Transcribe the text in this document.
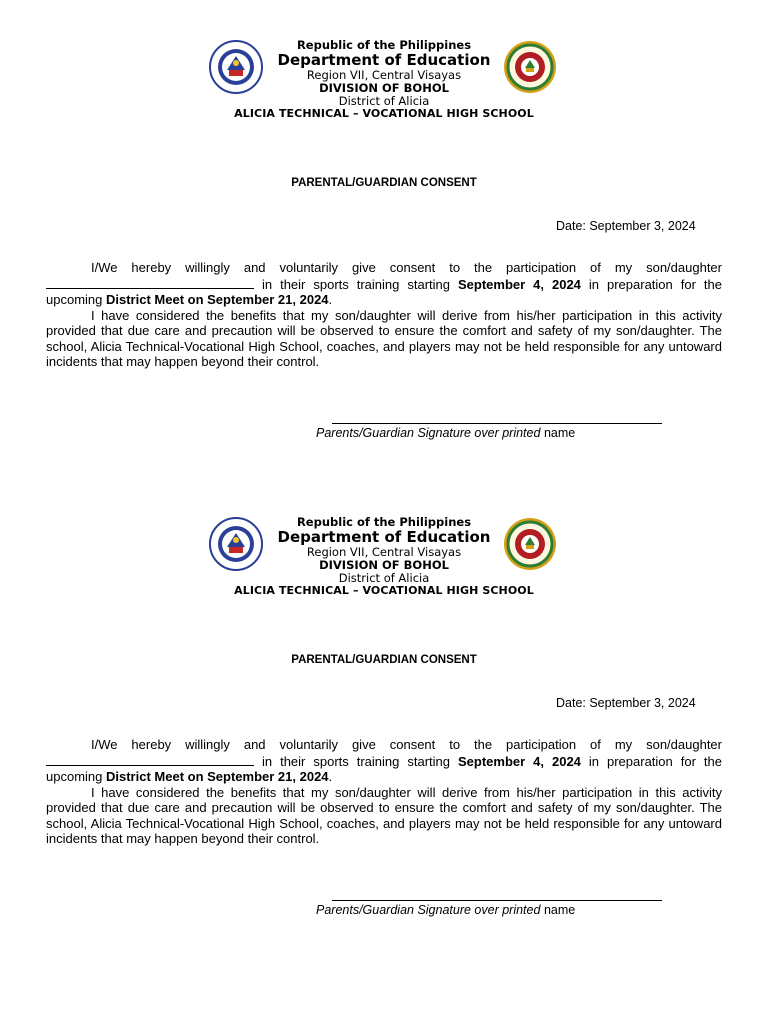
Republic of the Philippines
Department of Education
Region VII, Central Visayas
DIVISION OF BOHOL
District of Alicia
ALICIA TECHNICAL – VOCATIONAL HIGH SCHOOL
PARENTAL/GUARDIAN CONSENT
Date: September 3, 2024

I/We hereby willingly and voluntarily give consent to the participation of my son/daughter  in their sports training starting September 4, 2024 in preparation for the upcoming District Meet on September 21, 2024.

I have considered the benefits that my son/daughter will derive from his/her participation in this activity provided that due care and precaution will be observed to ensure the comfort and safety of my son/daughter. The school, Alicia Technical-Vocational High School, coaches, and players may not be held responsible for any untoward incidents that may happen beyond their control.

Parents/Guardian Signature over printed name
Republic of the Philippines
Department of Education
Region VII, Central Visayas
DIVISION OF BOHOL
District of Alicia
ALICIA TECHNICAL – VOCATIONAL HIGH SCHOOL
PARENTAL/GUARDIAN CONSENT
Date: September 3, 2024

I/We hereby willingly and voluntarily give consent to the participation of my son/daughter  in their sports training starting September 4, 2024 in preparation for the upcoming District Meet on September 21, 2024.

I have considered the benefits that my son/daughter will derive from his/her participation in this activity provided that due care and precaution will be observed to ensure the comfort and safety of my son/daughter. The school, Alicia Technical-Vocational High School, coaches, and players may not be held responsible for any untoward incidents that may happen beyond their control.

Parents/Guardian Signature over printed name
